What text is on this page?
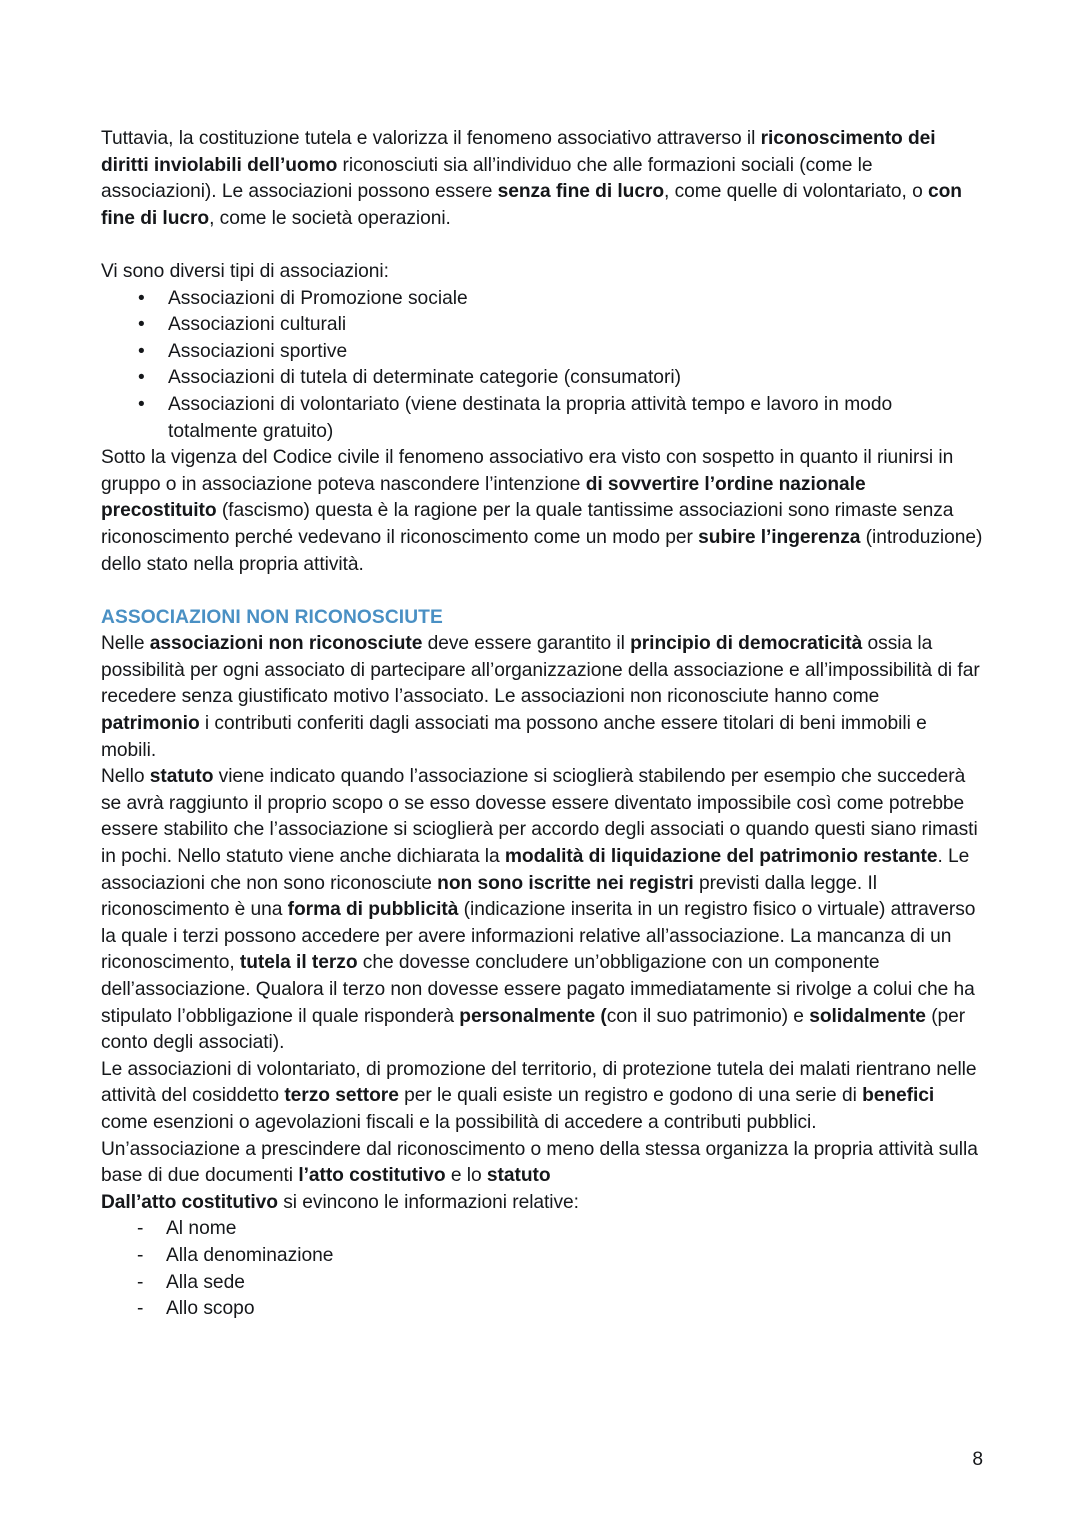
Tuttavia, la costituzione tutela e valorizza il fenomeno associativo attraverso il riconoscimento dei diritti inviolabili dell’uomo riconosciuti sia all’individuo che alle formazioni sociali (come le associazioni). Le associazioni possono essere senza fine di lucro, come quelle di volontariato, o con fine di lucro, come le società operazioni.

Vi sono diversi tipi di associazioni:

• Associazioni di Promozione sociale
• Associazioni culturali
• Associazioni sportive
• Associazioni di tutela di determinate categorie (consumatori)
• Associazioni di volontariato (viene destinata la propria attività tempo e lavoro in modo totalmente gratuito)

Sotto la vigenza del Codice civile il fenomeno associativo era visto con sospetto in quanto il riunirsi in gruppo o in associazione poteva nascondere l’intenzione di sovvertire l’ordine nazionale precostituito (fascismo) questa è la ragione per la quale tantissime associazioni sono rimaste senza riconoscimento perché vedevano il riconoscimento come un modo per subire l’ingerenza (introduzione) dello stato nella propria attività.

ASSOCIAZIONI NON RICONOSCIUTE

Nelle associazioni non riconosciute deve essere garantito il principio di democraticità ossia la possibilità per ogni associato di partecipare all’organizzazione della associazione e all’impossibilità di far recedere senza giustificato motivo l’associato. Le associazioni non riconosciute hanno come patrimonio i contributi conferiti dagli associati ma possono anche essere titolari di beni immobili e mobili.

Nello statuto viene indicato quando l’associazione si scioglierà stabilendo per esempio che succederà se avrà raggiunto il proprio scopo o se esso dovesse essere diventato impossibile così come potrebbe essere stabilito che l’associazione si scioglierà per accordo degli associati o quando questi siano rimasti in pochi. Nello statuto viene anche dichiarata la modalità di liquidazione del patrimonio restante. Le associazioni che non sono riconosciute non sono iscritte nei registri previsti dalla legge. Il riconoscimento è una forma di pubblicità (indicazione inserita in un registro fisico o virtuale) attraverso la quale i terzi possono accedere per avere informazioni relative all’associazione. La mancanza di un riconoscimento, tutela il terzo che dovesse concludere un’obbligazione con un componente dell’associazione. Qualora il terzo non dovesse essere pagato immediatamente si rivolge a colui che ha stipulato l’obbligazione il quale risponderà personalmente (con il suo patrimonio) e solidalmente (per conto degli associati).

Le associazioni di volontariato, di promozione del territorio, di protezione tutela dei malati rientrano nelle attività del cosiddetto terzo settore per le quali esiste un registro e godono di una serie di benefici come esenzioni o agevolazioni fiscali e la possibilità di accedere a contributi pubblici.

Un’associazione a prescindere dal riconoscimento o meno della stessa organizza la propria attività sulla base di due documenti l’atto costitutivo e lo statuto

Dall’atto costitutivo si evincono le informazioni relative:

- Al nome
- Alla denominazione
- Alla sede
- Allo scopo
8
